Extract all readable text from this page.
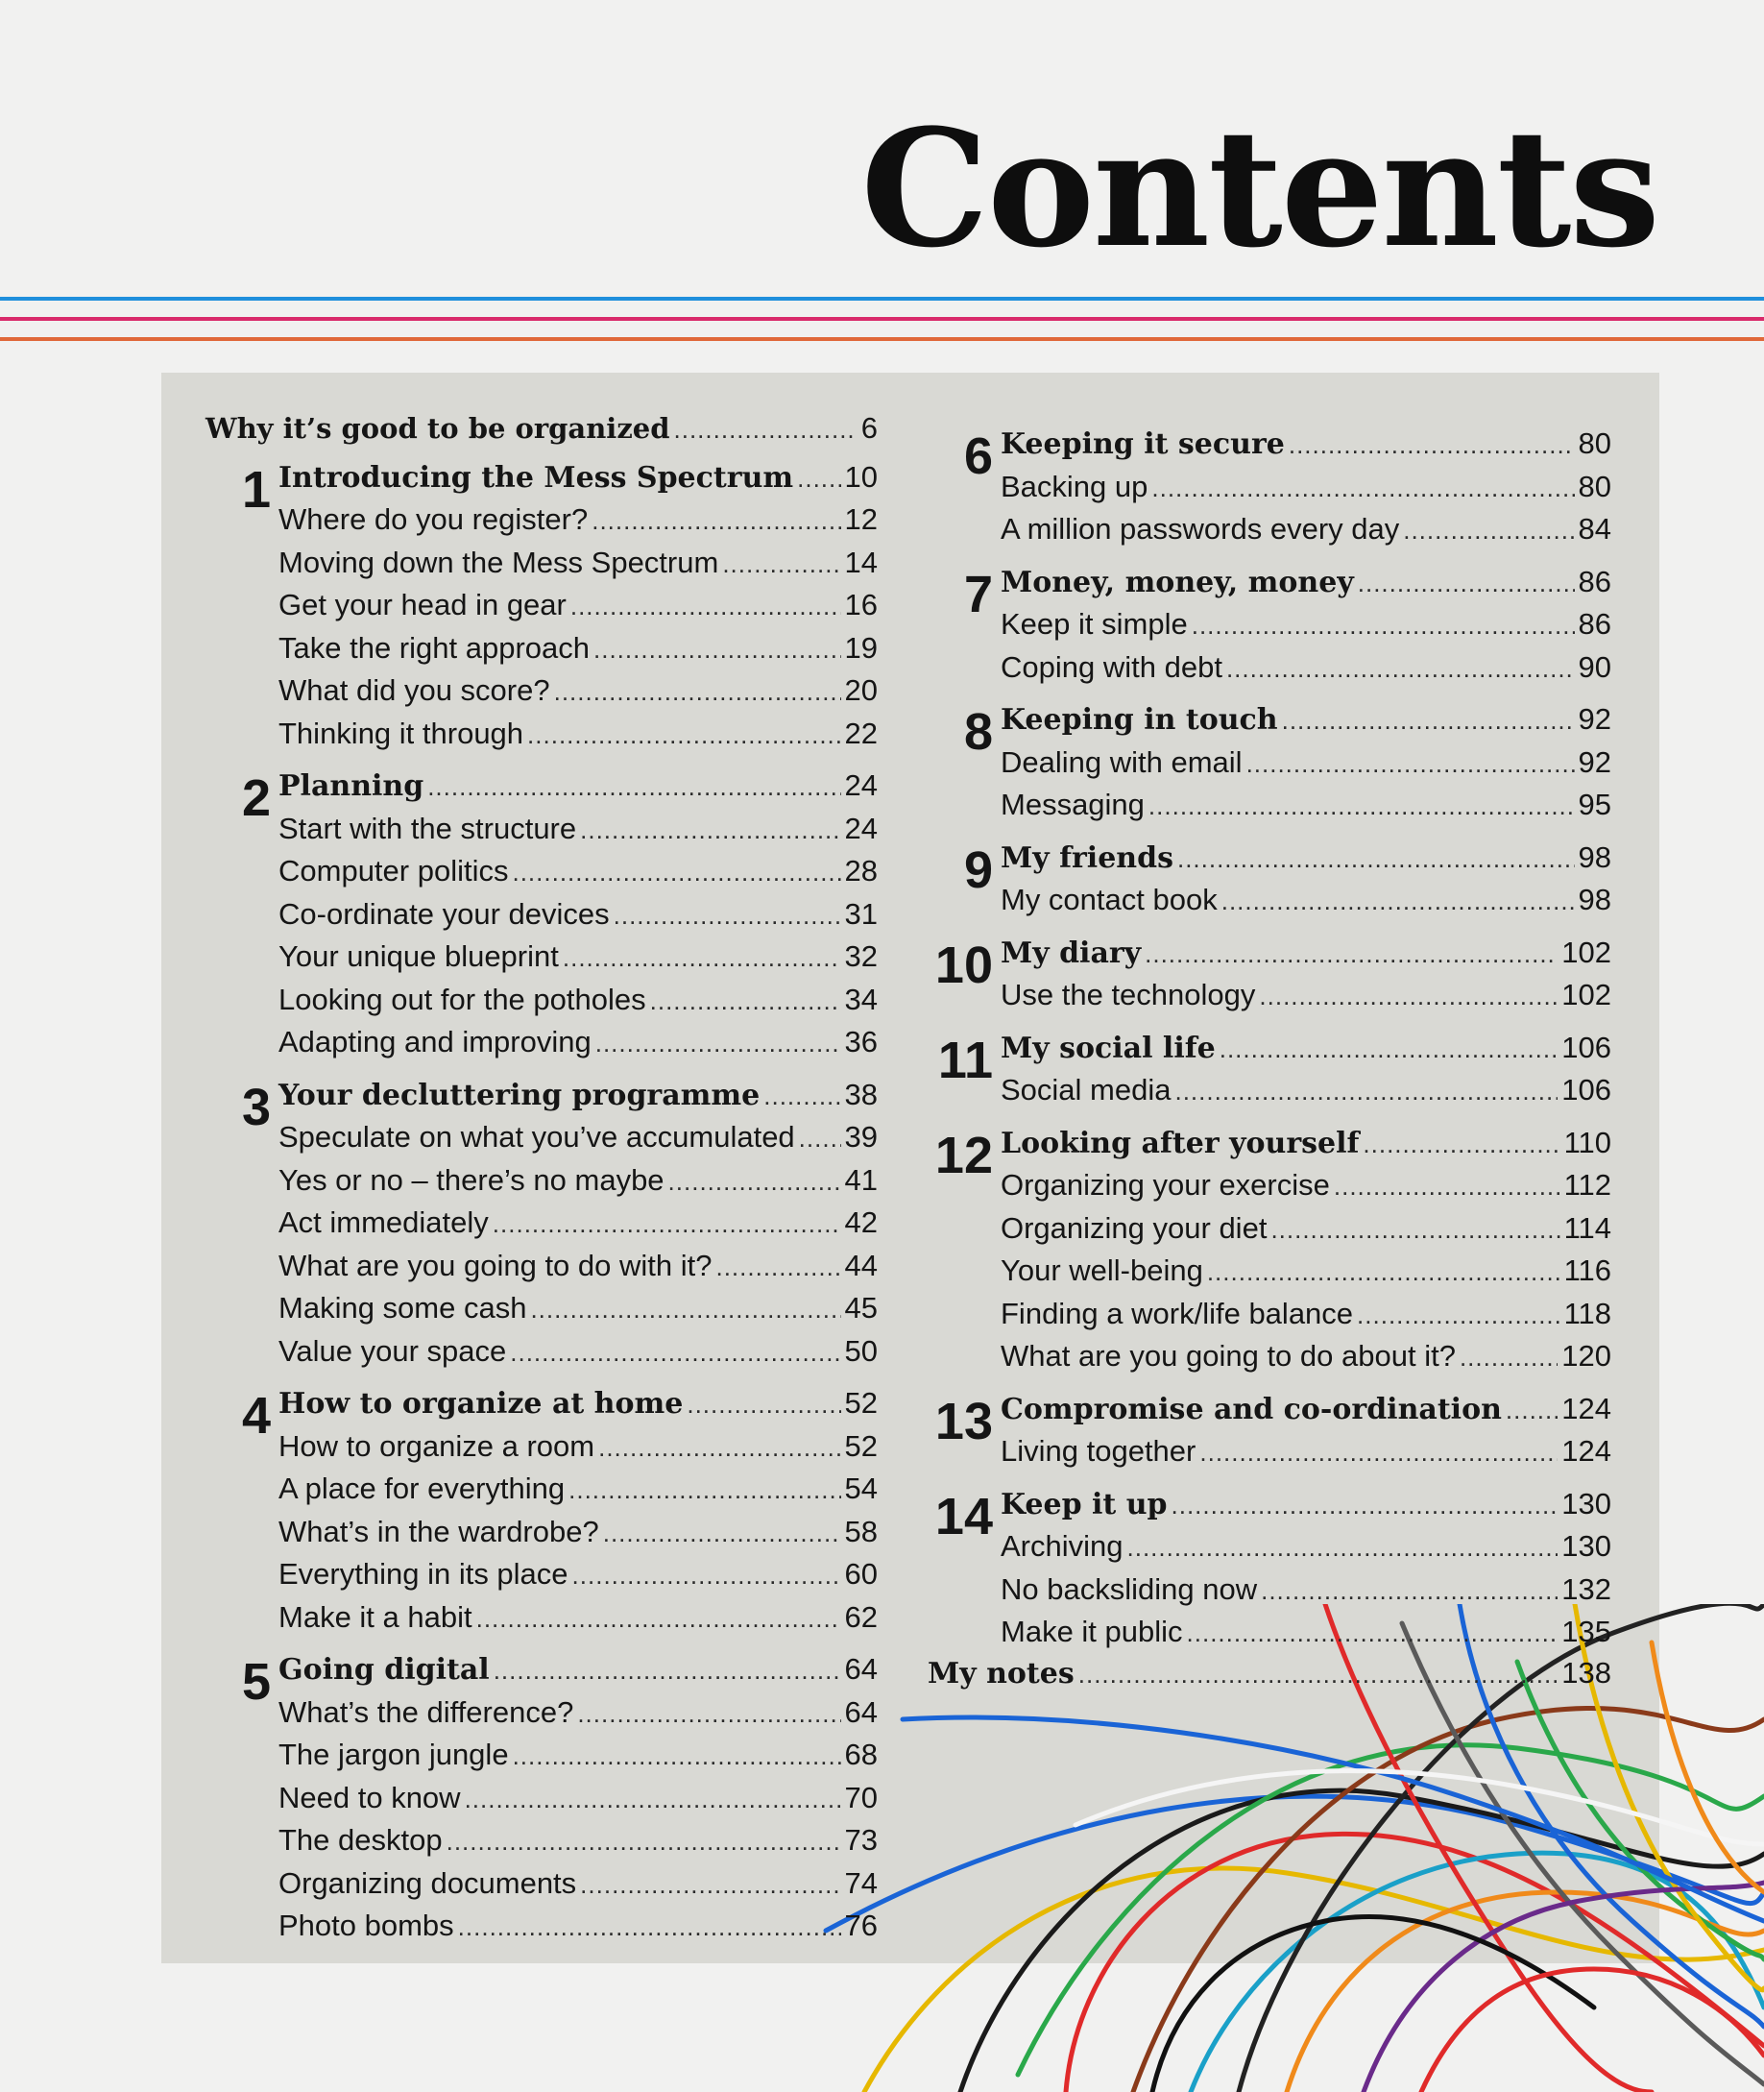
Contents
Why it’s good to be organized .....	6
1 Introducing the Mess Spectrum ..... 10
Where do you register? .....	12
Moving down the Mess Spectrum .....	14
Get your head in gear .....	16
Take the right approach .....	19
What did you score? .....	20
Thinking it through .....	22
2 Planning .....	24
Start with the structure .....	24
Computer politics .....	28
Co-ordinate your devices .....	31
Your unique blueprint .....	32
Looking out for the potholes .....	34
Adapting and improving .....	36
3 Your decluttering programme .....	38
Speculate on what you’ve accumulated ..... 39
Yes or no – there’s no maybe .....	41
Act immediately .....	42
What are you going to do with it? .....	44
Making some cash .....	45
Value your space .....	50
4 How to organize at home .....	52
How to organize a room .....	52
A place for everything .....	54
What’s in the wardrobe? .....	58
Everything in its place .....	60
Make it a habit .....	62
5 Going digital .....	64
What’s the difference? .....	64
The jargon jungle .....	68
Need to know .....	70
The desktop .....	73
Organizing documents .....	74
Photo bombs .....	76
6 Keeping it secure .....	80
Backing up .....	80
A million passwords every day .....	84
7 Money, money, money .....	86
Keep it simple .....	86
Coping with debt .....	90
8 Keeping in touch .....	92
Dealing with email .....	92
Messaging .....	95
9 My friends .....	98
My contact book .....	98
10 My diary .....	102
Use the technology .....	102
11 My social life .....	106
Social media .....	106
12 Looking after yourself .....	110
Organizing your exercise .....	112
Organizing your diet .....	114
Your well-being .....	116
Finding a work/life balance .....	118
What are you going to do about it? .....	120
13 Compromise and co-ordination ..... 124
Living together .....	124
14 Keep it up .....	130
Archiving .....	130
No backsliding now .....	132
Make it public .....	135
My notes .....	138
